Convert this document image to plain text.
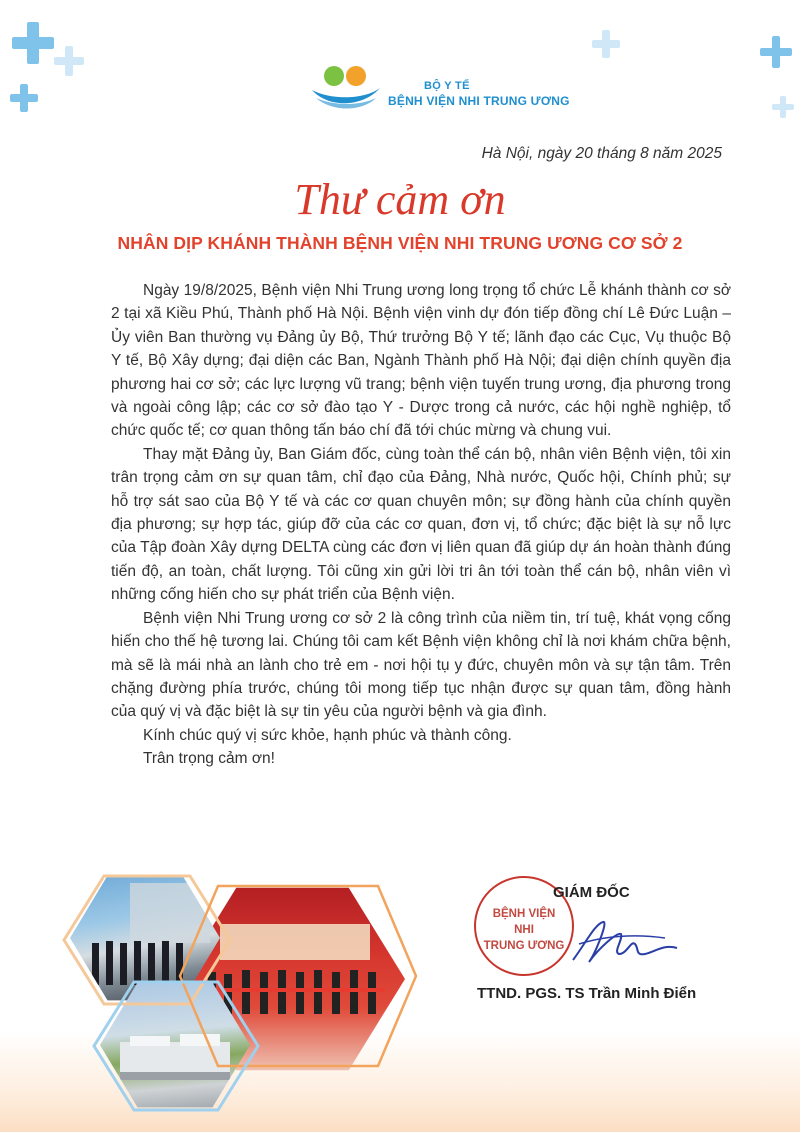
BỘ Y TẾ
BỆNH VIỆN NHI TRUNG ƯƠNG
Hà Nội, ngày 20 tháng 8 năm 2025
Thư cảm ơn
NHÂN DỊP KHÁNH THÀNH BỆNH VIỆN NHI TRUNG ƯƠNG CƠ SỞ 2

Ngày 19/8/2025, Bệnh viện Nhi Trung ương long trọng tổ chức Lễ khánh thành cơ sở 2 tại xã Kiều Phú, Thành phố Hà Nội. Bệnh viện vinh dự đón tiếp đồng chí Lê Đức Luận – Ủy viên Ban thường vụ Đảng ủy Bộ, Thứ trưởng Bộ Y tế; lãnh đạo các Cục, Vụ thuộc Bộ Y tế, Bộ Xây dựng; đại diện các Ban, Ngành Thành phố Hà Nội; đại diện chính quyền địa phương hai cơ sở; các lực lượng vũ trang; bệnh viện tuyến trung ương, địa phương trong và ngoài công lập; các cơ sở đào tạo Y - Dược trong cả nước, các hội nghề nghiệp, tổ chức quốc tế; cơ quan thông tấn báo chí đã tới chúc mừng và chung vui.

Thay mặt Đảng ủy, Ban Giám đốc, cùng toàn thể cán bộ, nhân viên Bệnh viện, tôi xin trân trọng cảm ơn sự quan tâm, chỉ đạo của Đảng, Nhà nước, Quốc hội, Chính phủ; sự hỗ trợ sát sao của Bộ Y tế và các cơ quan chuyên môn; sự đồng hành của chính quyền địa phương; sự hợp tác, giúp đỡ của các cơ quan, đơn vị, tổ chức; đặc biệt là sự nỗ lực của Tập đoàn Xây dựng DELTA cùng các đơn vị liên quan đã giúp dự án hoàn thành đúng tiến độ, an toàn, chất lượng. Tôi cũng xin gửi lời tri ân tới toàn thể cán bộ, nhân viên vì những cống hiến cho sự phát triển của Bệnh viện.

Bệnh viện Nhi Trung ương cơ sở 2 là công trình của niềm tin, trí tuệ, khát vọng cống hiến cho thế hệ tương lai. Chúng tôi cam kết Bệnh viện không chỉ là nơi khám chữa bệnh, mà sẽ là mái nhà an lành cho trẻ em - nơi hội tụ y đức, chuyên môn và sự tận tâm. Trên chặng đường phía trước, chúng tôi mong tiếp tục nhận được sự quan tâm, đồng hành của quý vị và đặc biệt là sự tin yêu của người bệnh và gia đình.

Kính chúc quý vị sức khỏe, hạnh phúc và thành công.

Trân trọng cảm ơn!

BỆNH VIỆN
NHI
TRUNG ƯƠNG
GIÁM ĐỐC
TTND. PGS. TS Trần Minh Điển
